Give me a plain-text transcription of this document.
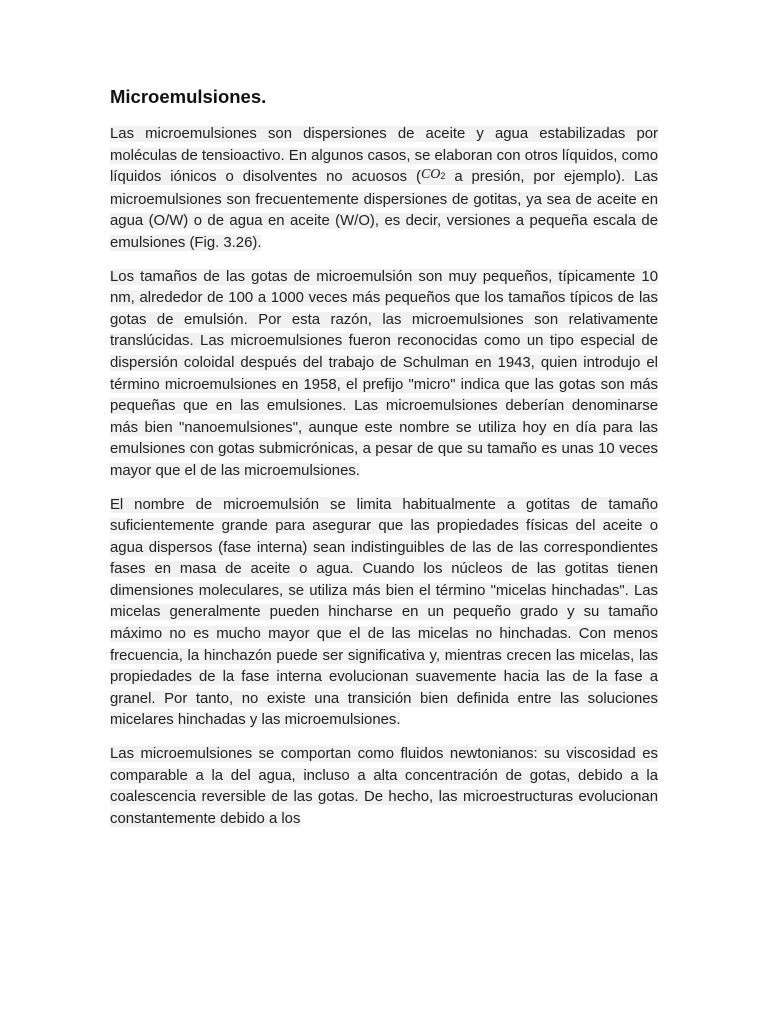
Microemulsiones.

Las microemulsiones son dispersiones de aceite y agua estabilizadas por moléculas de tensioactivo. En algunos casos, se elaboran con otros líquidos, como líquidos iónicos o disolventes no acuosos ($CO_2$ a presión, por ejemplo). Las microemulsiones son frecuentemente dispersiones de gotitas, ya sea de aceite en agua (O/W) o de agua en aceite (W/O), es decir, versiones a pequeña escala de emulsiones (Fig. 3.26).

Los tamaños de las gotas de microemulsión son muy pequeños, típicamente 10 nm, alrededor de 100 a 1000 veces más pequeños que los tamaños típicos de las gotas de emulsión. Por esta razón, las microemulsiones son relativamente translúcidas. Las microemulsiones fueron reconocidas como un tipo especial de dispersión coloidal después del trabajo de Schulman en 1943, quien introdujo el término microemulsiones en 1958, el prefijo "micro" indica que las gotas son más pequeñas que en las emulsiones. Las microemulsiones deberían denominarse más bien "nanoemulsiones", aunque este nombre se utiliza hoy en día para las emulsiones con gotas submicrónicas, a pesar de que su tamaño es unas 10 veces mayor que el de las microemulsiones.

El nombre de microemulsión se limita habitualmente a gotitas de tamaño suficientemente grande para asegurar que las propiedades físicas del aceite o agua dispersos (fase interna) sean indistinguibles de las de las correspondientes fases en masa de aceite o agua. Cuando los núcleos de las gotitas tienen dimensiones moleculares, se utiliza más bien el término "micelas hinchadas". Las micelas generalmente pueden hincharse en un pequeño grado y su tamaño máximo no es mucho mayor que el de las micelas no hinchadas. Con menos frecuencia, la hinchazón puede ser significativa y, mientras crecen las micelas, las propiedades de la fase interna evolucionan suavemente hacia las de la fase a granel. Por tanto, no existe una transición bien definida entre las soluciones micelares hinchadas y las microemulsiones.

Las microemulsiones se comportan como fluidos newtonianos: su viscosidad es comparable a la del agua, incluso a alta concentración de gotas, debido a la coalescencia reversible de las gotas. De hecho, las microestructuras evolucionan constantemente debido a los
